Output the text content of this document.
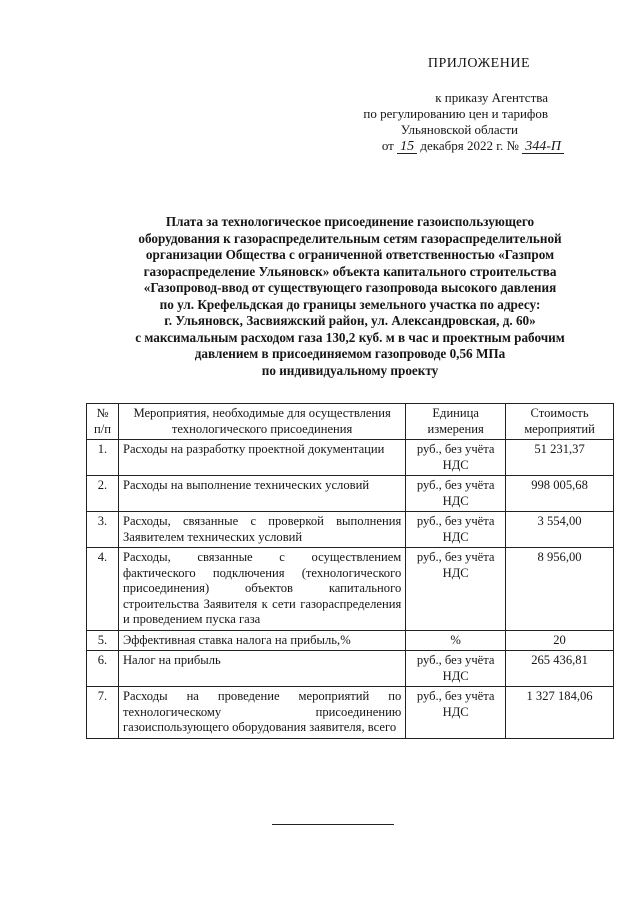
ПРИЛОЖЕНИЕ
к приказу Агентства
по регулированию цен и тарифов
Ульяновской области
от 15 декабря 2022 г. № 344-П
Плата за технологическое присоединение газоиспользующего
оборудования к газораспределительным сетям газораспределительной
организации Общества с ограниченной ответственностью «Газпром
газораспределение Ульяновск» объекта капитального строительства
«Газопровод-ввод от существующего газопровода высокого давления
по ул. Крефельдская до границы земельного участка по адресу:
г. Ульяновск, Засвияжский район, ул. Александровская, д. 60»
с максимальным расходом газа 130,2 куб. м в час и проектным рабочим
давлением в присоединяемом газопроводе 0,56 МПа
по индивидуальному проекту
№ п/п	Мероприятия, необходимые для осуществления технологического присоединения	Единица измерения	Стоимость мероприятий
1.	Расходы на разработку проектной документации	руб., без учёта НДС	51 231,37
2.	Расходы на выполнение технических условий	руб., без учёта НДС	998 005,68
3.	Расходы, связанные с проверкой выполнения Заявителем технических условий	руб., без учёта НДС	3 554,00
4.	Расходы, связанные с осуществлением фактического подключения (технологического присоединения) объектов капитального строительства Заявителя к сети газораспределения и проведением пуска газа	руб., без учёта НДС	8 956,00
5.	Эффективная ставка налога на прибыль,%	%	20
6.	Налог на прибыль	руб., без учёта НДС	265 436,81
7.	Расходы на проведение мероприятий по технологическому присоединению газоиспользующего оборудования заявителя, всего	руб., без учёта НДС	1 327 184,06
